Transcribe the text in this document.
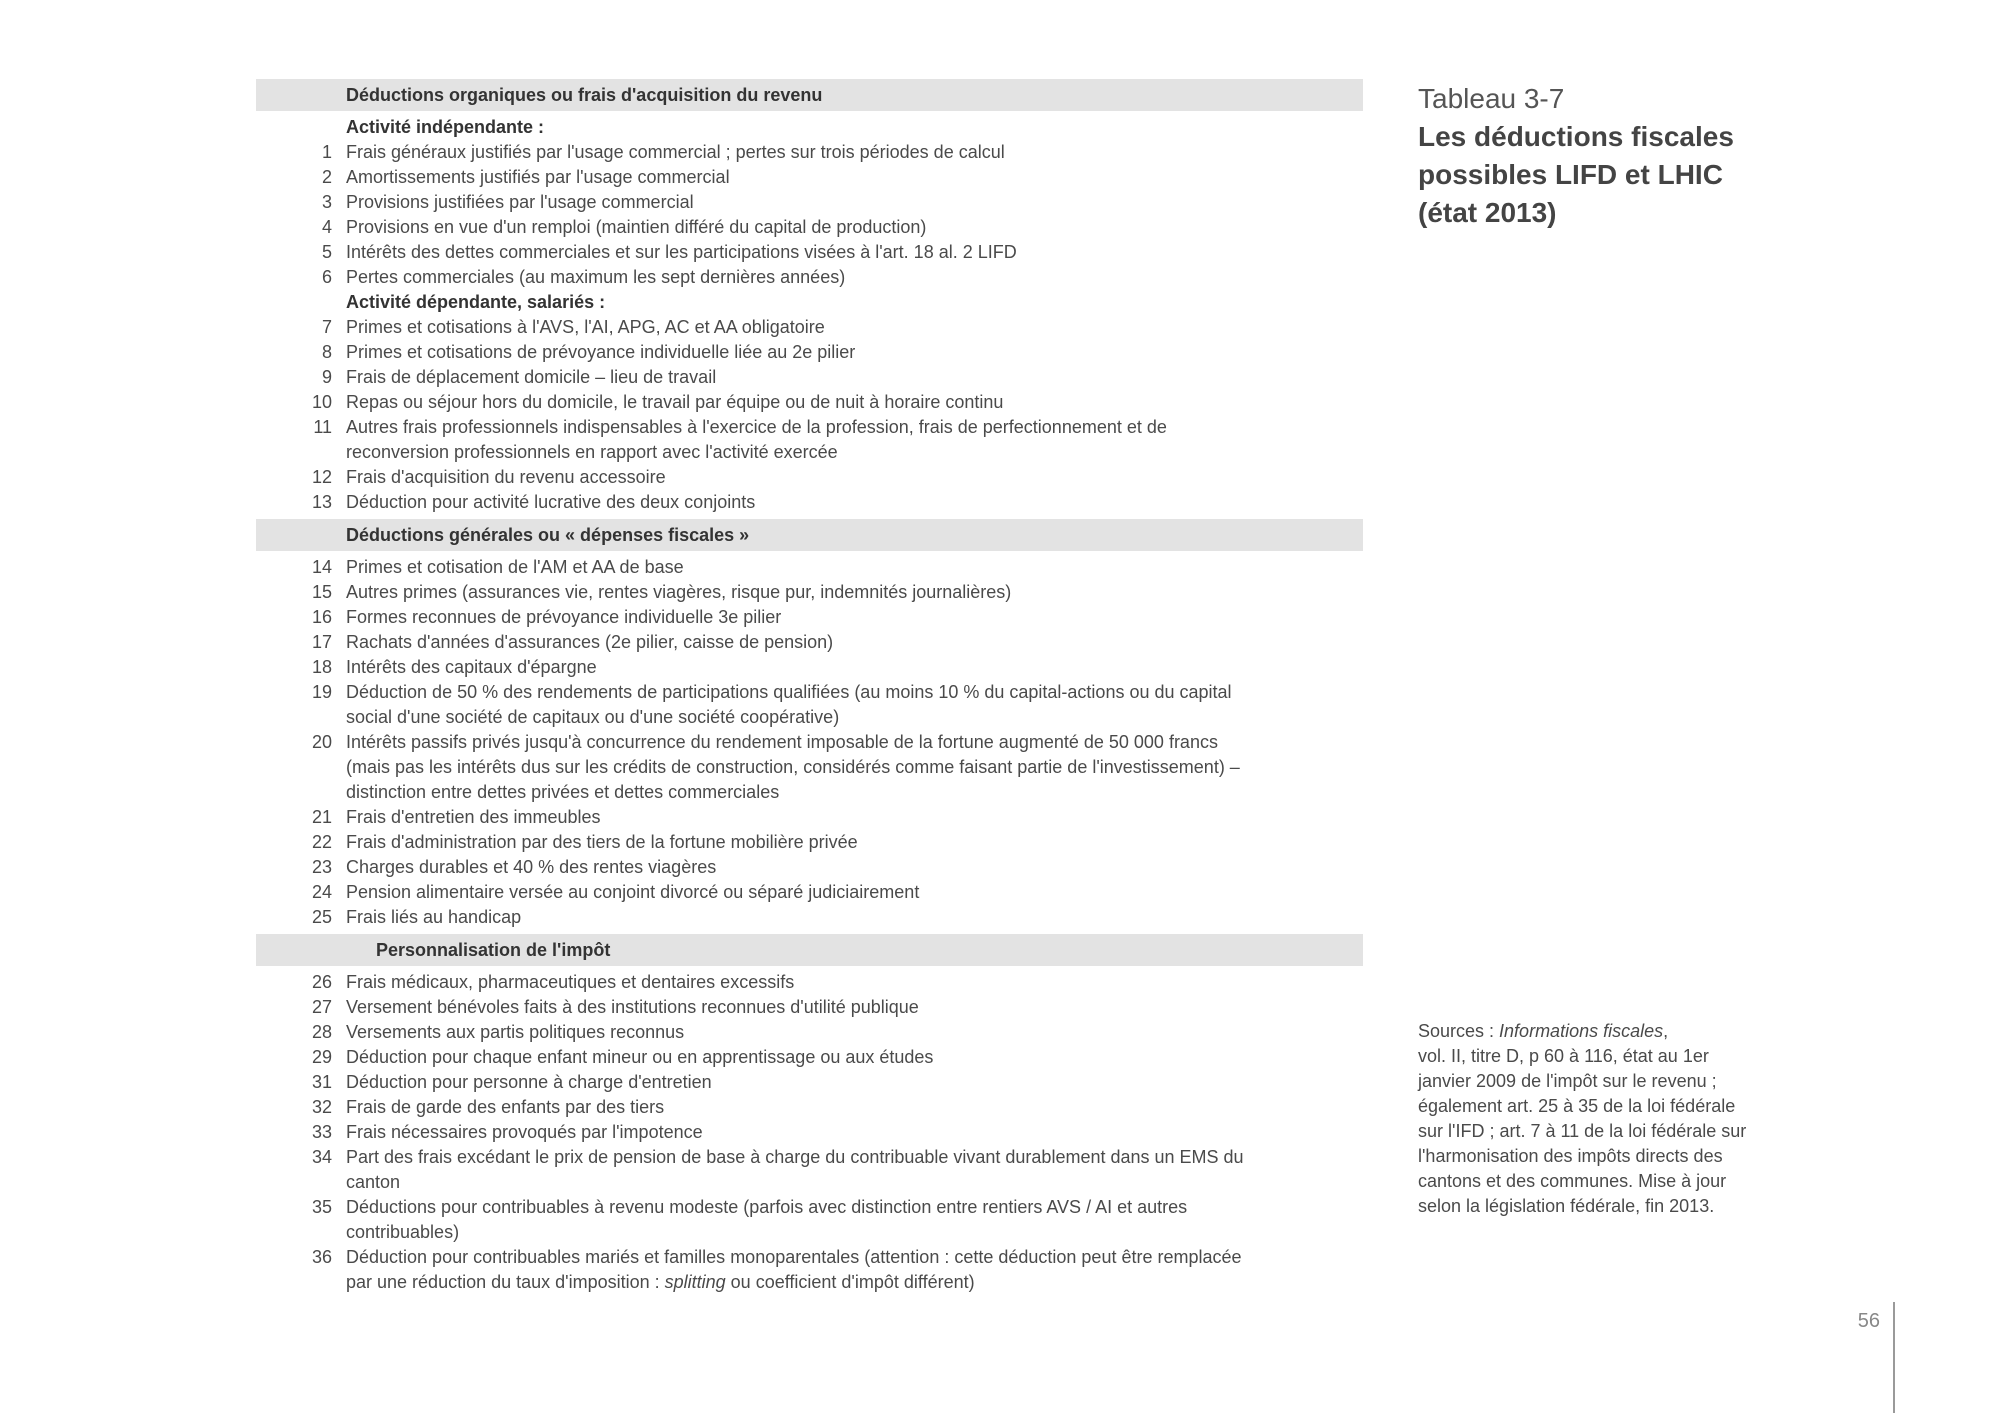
Déductions organiques ou frais d'acquisition du revenu
Activité indépendante :
1 Frais généraux justifiés par l'usage commercial ; pertes sur trois périodes de calcul
2 Amortissements justifiés par l'usage commercial
3 Provisions justifiées par l'usage commercial
4 Provisions en vue d'un remploi (maintien différé du capital de production)
5 Intérêts des dettes commerciales et sur les participations visées à l'art. 18 al. 2 LIFD
6 Pertes commerciales (au maximum les sept dernières années)
Activité dépendante, salariés :
7 Primes et cotisations à l'AVS, l'AI, APG, AC et AA obligatoire
8 Primes et cotisations de prévoyance individuelle liée au 2e pilier
9 Frais de déplacement domicile – lieu de travail
10 Repas ou séjour hors du domicile, le travail par équipe ou de nuit à horaire continu
11 Autres frais professionnels indispensables à l'exercice de la profession, frais de perfectionnement et de
reconversion professionnels en rapport avec l'activité exercée
12 Frais d'acquisition du revenu accessoire
13 Déduction pour activité lucrative des deux conjoints
Déductions générales ou « dépenses fiscales »
14 Primes et cotisation de l'AM et AA de base
15 Autres primes (assurances vie, rentes viagères, risque pur, indemnités journalières)
16 Formes reconnues de prévoyance individuelle 3e pilier
17 Rachats d'années d'assurances (2e pilier, caisse de pension)
18 Intérêts des capitaux d'épargne
19 Déduction de 50 % des rendements de participations qualifiées (au moins 10 % du capital-actions ou du capital
social d'une société de capitaux ou d'une société coopérative)
20 Intérêts passifs privés jusqu'à concurrence du rendement imposable de la fortune augmenté de 50 000 francs
(mais pas les intérêts dus sur les crédits de construction, considérés comme faisant partie de l'investissement) –
distinction entre dettes privées et dettes commerciales
21 Frais d'entretien des immeubles
22 Frais d'administration par des tiers de la fortune mobilière privée
23 Charges durables et 40 % des rentes viagères
24 Pension alimentaire versée au conjoint divorcé ou séparé judiciairement
25 Frais liés au handicap
Personnalisation de l'impôt
26 Frais médicaux, pharmaceutiques et dentaires excessifs
27 Versement bénévoles faits à des institutions reconnues d'utilité publique
28 Versements aux partis politiques reconnus
29 Déduction pour chaque enfant mineur ou en apprentissage ou aux études
31 Déduction pour personne à charge d'entretien
32 Frais de garde des enfants par des tiers
33 Frais nécessaires provoqués par l'impotence
34 Part des frais excédant le prix de pension de base à charge du contribuable vivant durablement dans un EMS du
canton
35 Déductions pour contribuables à revenu modeste (parfois avec distinction entre rentiers AVS / AI et autres
contribuables)
36 Déduction pour contribuables mariés et familles monoparentales (attention : cette déduction peut être remplacée
par une réduction du taux d'imposition : splitting ou coefficient d'impôt différent)
Tableau 3-7
Les déductions fiscales
possibles LIFD et LHIC
(état 2013)
Sources : Informations fiscales,
vol. II, titre D, p 60 à 116, état au 1er
janvier 2009 de l'impôt sur le revenu ;
également art. 25 à 35 de la loi fédérale
sur l'IFD ; art. 7 à 11 de la loi fédérale sur
l'harmonisation des impôts directs des
cantons et des communes. Mise à jour
selon la législation fédérale, fin 2013.
56
